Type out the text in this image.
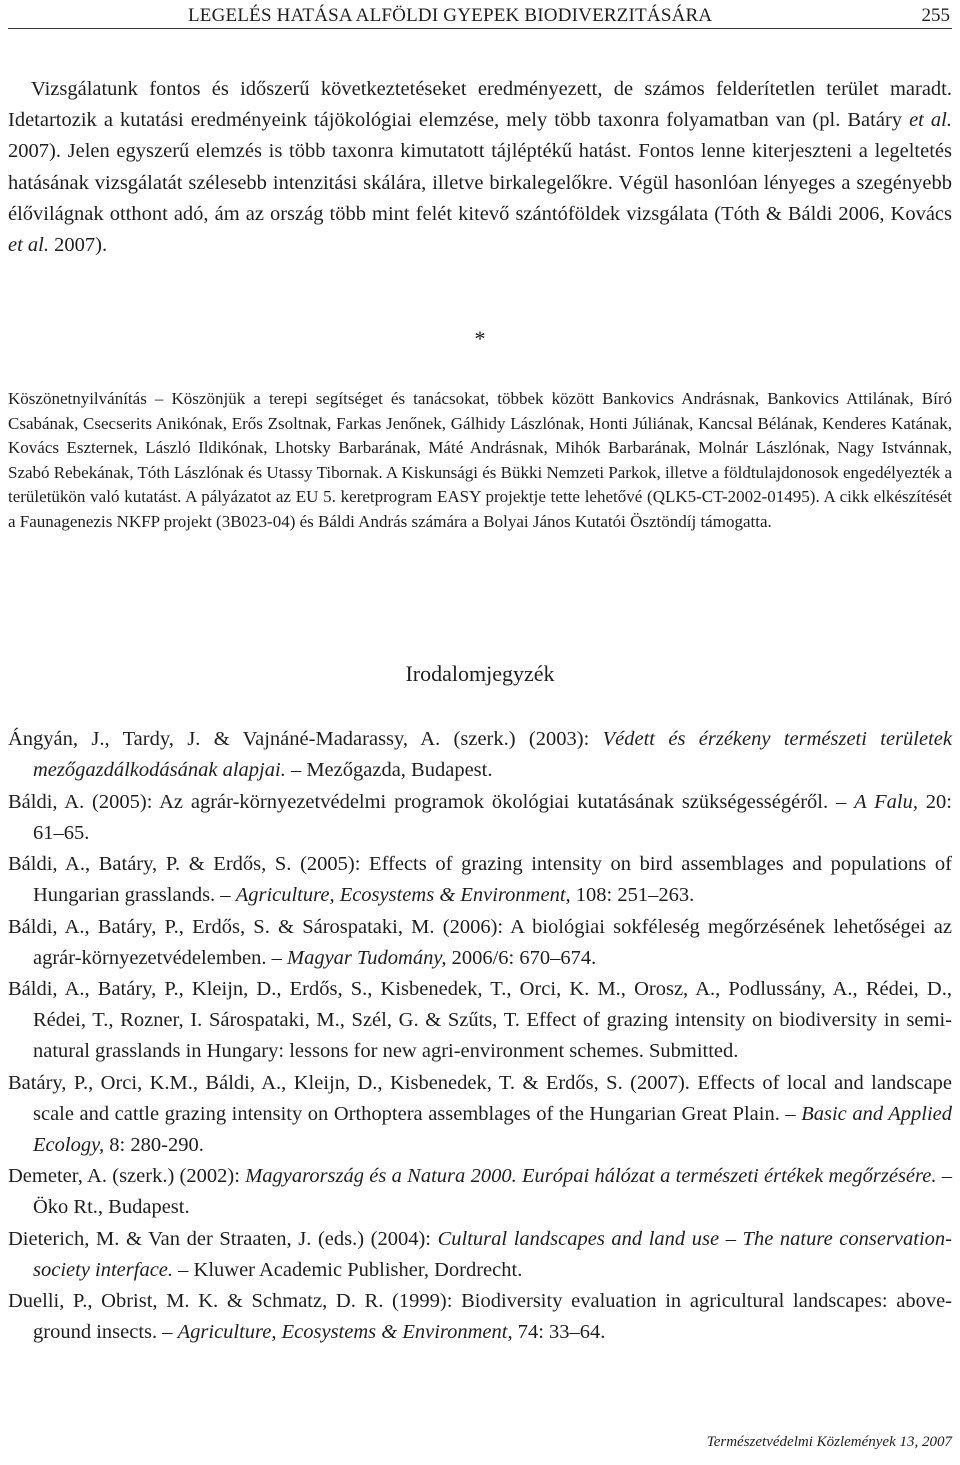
LEGELÉS HATÁSA ALFÖLDI GYEPEK BIODIVERZITÁSÁRA	255

Vizsgálatunk fontos és időszerű következtetéseket eredményezett, de számos felderítetlen terület maradt. Idetartozik a kutatási eredményeink tájökológiai elemzése, mely több taxonra folyamatban van (pl. Batáry et al. 2007). Jelen egyszerű elemzés is több taxonra kimutatott tájléptékű hatást. Fontos lenne kiterjeszteni a legeltetés hatásának vizsgálatát szélesebb intenzitási skálára, illetve birkalegelőkre. Végül hasonlóan lényeges a szegényebb élővilágnak otthont adó, ám az ország több mint felét kitevő szántóföldek vizsgálata (Tóth & Báldi 2006, Kovács et al. 2007).

*

Köszönetnyilvánítás – Köszönjük a terepi segítséget és tanácsokat, többek között Bankovics Andrásnak, Bankovics Attilának, Bíró Csabának, Csecserits Anikónak, Erős Zsoltnak, Farkas Jenőnek, Gálhidy Lászlónak, Honti Júliának, Kancsal Bélának, Kenderes Katának, Kovács Eszternek, László Ildikónak, Lhotsky Barbarának, Máté Andrásnak, Mihók Barbarának, Molnár Lászlónak, Nagy Istvánnak, Szabó Rebekának, Tóth Lászlónak és Utassy Tibornak. A Kiskunsági és Bükki Nemzeti Parkok, illetve a földtulajdonosok engedélyezték a területükön való kutatást. A pályázatot az EU 5. keretprogram EASY projektje tette lehetővé (QLK5-CT-2002-01495). A cikk elkészítését a Faunagenezis NKFP projekt (3B023-04) és Báldi András számára a Bolyai János Kutatói Ösztöndíj támogatta.

Irodalomjegyzék
Ángyán, J., Tardy, J. & Vajnáné-Madarassy, A. (szerk.) (2003): Védett és érzékeny természeti területek mezőgazdálkodásának alapjai. – Mezőgazda, Budapest.
Báldi, A. (2005): Az agrár-környezetvédelmi programok ökológiai kutatásának szükségességéről. – A Falu, 20: 61–65.
Báldi, A., Batáry, P. & Erdős, S. (2005): Effects of grazing intensity on bird assemblages and populations of Hungarian grasslands. – Agriculture, Ecosystems & Environment, 108: 251–263.
Báldi, A., Batáry, P., Erdős, S. & Sárospataki, M. (2006): A biológiai sokféleség megőrzésének lehetőségei az agrár-környezetvédelemben. – Magyar Tudomány, 2006/6: 670–674.
Báldi, A., Batáry, P., Kleijn, D., Erdős, S., Kisbenedek, T., Orci, K. M., Orosz, A., Podlussány, A., Rédei, D., Rédei, T., Rozner, I. Sárospataki, M., Szél, G. & Szűts, T. Effect of grazing intensity on biodiversity in semi-natural grasslands in Hungary: lessons for new agri-environment schemes. Submitted.
Batáry, P., Orci, K.M., Báldi, A., Kleijn, D., Kisbenedek, T. & Erdős, S. (2007). Effects of local and landscape scale and cattle grazing intensity on Orthoptera assemblages of the Hungarian Great Plain. – Basic and Applied Ecology, 8: 280-290.
Demeter, A. (szerk.) (2002): Magyarország és a Natura 2000. Európai hálózat a természeti értékek megőrzésére. – Öko Rt., Budapest.
Dieterich, M. & Van der Straaten, J. (eds.) (2004): Cultural landscapes and land use – The nature conservation-society interface. – Kluwer Academic Publisher, Dordrecht.
Duelli, P., Obrist, M. K. & Schmatz, D. R. (1999): Biodiversity evaluation in agricultural landscapes: above-ground insects. – Agriculture, Ecosystems & Environment, 74: 33–64.
Természetvédelmi Közlemények 13, 2007
